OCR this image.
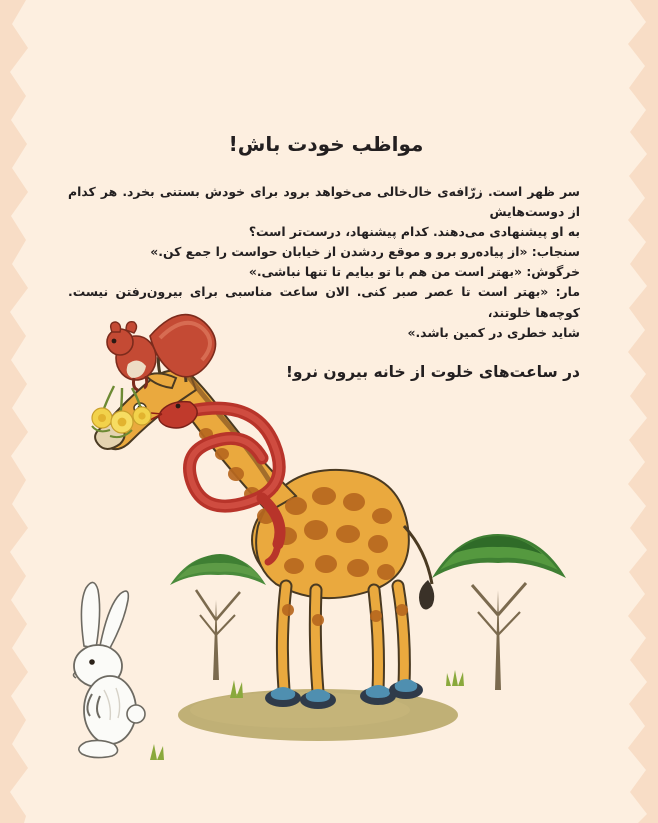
مواظب خودت باش!

سر ظهر است. زرّافه‌ی خال‌خالی می‌خواهد برود برای خودش بستنی بخرد. هر کدام از دوست‌هایش

به او پیشنهادی می‌دهند. کدام پیشنهاد، درست‌تر است؟

سنجاب: «از پیاده‌رو برو و موقع ردشدن از خیابان حواست را جمع کن.»

خرگوش: «بهتر است من هم با تو بیایم تا تنها نباشی.»

مار: «بهتر است تا عصر صبر کنی. الان ساعت مناسبی برای بیرون‌رفتن نیست. کوچه‌ها خلوتند،

شاید خطری در کمین باشد.»

در ساعت‌های خلوت از خانه بیرون نرو!
